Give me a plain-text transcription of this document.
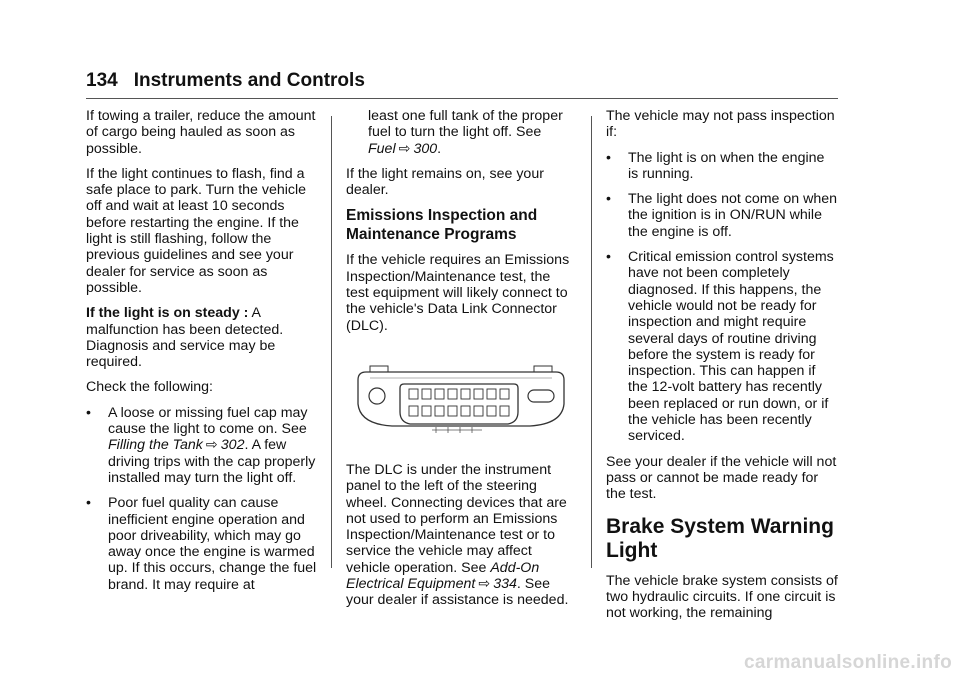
134 Instruments and Controls

If towing a trailer, reduce the amount of cargo being hauled as soon as possible.

If the light continues to flash, find a safe place to park. Turn the vehicle off and wait at least 10 seconds before restarting the engine. If the light is still flashing, follow the previous guidelines and see your dealer for service as soon as possible.

If the light is on steady : A malfunction has been detected. Diagnosis and service may be required.

Check the following:

•	A loose or missing fuel cap may cause the light to come on. See Filling the Tank ⇨ 302. A few driving trips with the cap properly installed may turn the light off.
•	Poor fuel quality can cause inefficient engine operation and poor driveability, which may go away once the engine is warmed up. If this occurs, change the fuel brand. It may require at

least one full tank of the proper fuel to turn the light off. See Fuel ⇨ 300.

If the light remains on, see your dealer.

Emissions Inspection and Maintenance Programs

If the vehicle requires an Emissions Inspection/Maintenance test, the test equipment will likely connect to the vehicle's Data Link Connector (DLC).

The DLC is under the instrument panel to the left of the steering wheel. Connecting devices that are not used to perform an Emissions Inspection/Maintenance test or to service the vehicle may affect vehicle operation. See Add-On Electrical Equipment ⇨ 334. See your dealer if assistance is needed.

The vehicle may not pass inspection if:

•	The light is on when the engine is running.
•	The light does not come on when the ignition is in ON/RUN while the engine is off.
•	Critical emission control systems have not been completely diagnosed. If this happens, the vehicle would not be ready for inspection and might require several days of routine driving before the system is ready for inspection. This can happen if the 12-volt battery has recently been replaced or run down, or if the vehicle has been recently serviced.

See your dealer if the vehicle will not pass or cannot be made ready for the test.

Brake System Warning Light

The vehicle brake system consists of two hydraulic circuits. If one circuit is not working, the remaining

carmanualsonline.info
